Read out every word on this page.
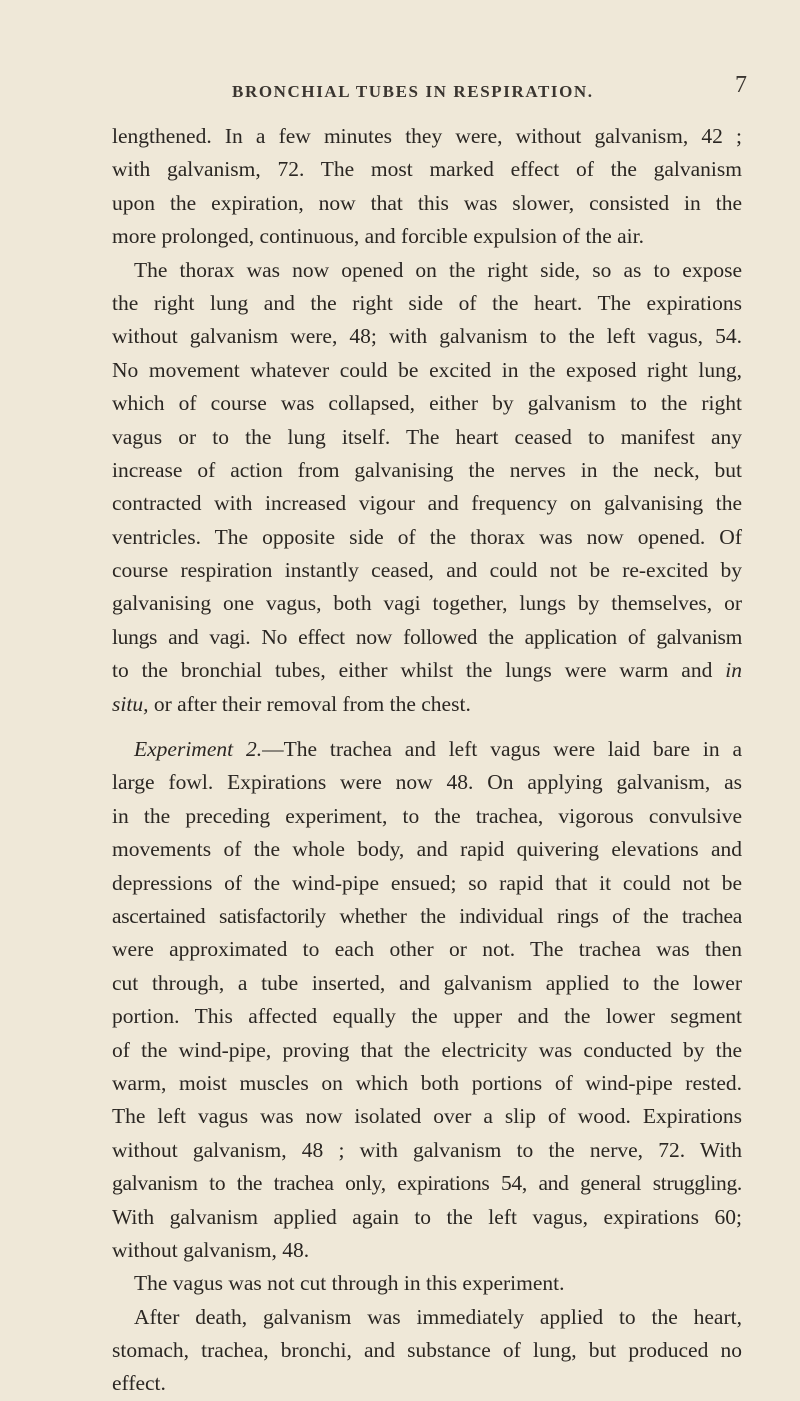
BRONCHIAL TUBES IN RESPIRATION.	7
lengthened. In a few minutes they were, without galvanism, 42 ;
with galvanism, 72. The most marked effect of the galvanism
upon the expiration, now that this was slower, consisted in the
more prolonged, continuous, and forcible expulsion of the air.
The thorax was now opened on the right side, so as to expose
the right lung and the right side of the heart. The expirations
without galvanism were, 48; with galvanism to the left vagus, 54.
No movement whatever could be excited in the exposed right lung,
which of course was collapsed, either by galvanism to the right
vagus or to the lung itself. The heart ceased to manifest any
increase of action from galvanising the nerves in the neck, but
contracted with increased vigour and frequency on galvanising the
ventricles. The opposite side of the thorax was now opened. Of
course respiration instantly ceased, and could not be re-excited by
galvanising one vagus, both vagi together, lungs by themselves, or
lungs and vagi. No effect now followed the application of galvanism
to the bronchial tubes, either whilst the lungs were warm and in
situ, or after their removal from the chest.
Experiment 2.—The trachea and left vagus were laid bare in a
large fowl. Expirations were now 48. On applying galvanism, as
in the preceding experiment, to the trachea, vigorous convulsive
movements of the whole body, and rapid quivering elevations and
depressions of the wind-pipe ensued; so rapid that it could not be
ascertained satisfactorily whether the individual rings of the trachea
were approximated to each other or not. The trachea was then
cut through, a tube inserted, and galvanism applied to the lower
portion. This affected equally the upper and the lower segment
of the wind-pipe, proving that the electricity was conducted by the
warm, moist muscles on which both portions of wind-pipe rested.
The left vagus was now isolated over a slip of wood. Expirations
without galvanism, 48 ; with galvanism to the nerve, 72. With
galvanism to the trachea only, expirations 54, and general struggling.
With galvanism applied again to the left vagus, expirations 60;
without galvanism, 48.
The vagus was not cut through in this experiment.
After death, galvanism was immediately applied to the heart,
stomach, trachea, bronchi, and substance of lung, but produced no
effect.
